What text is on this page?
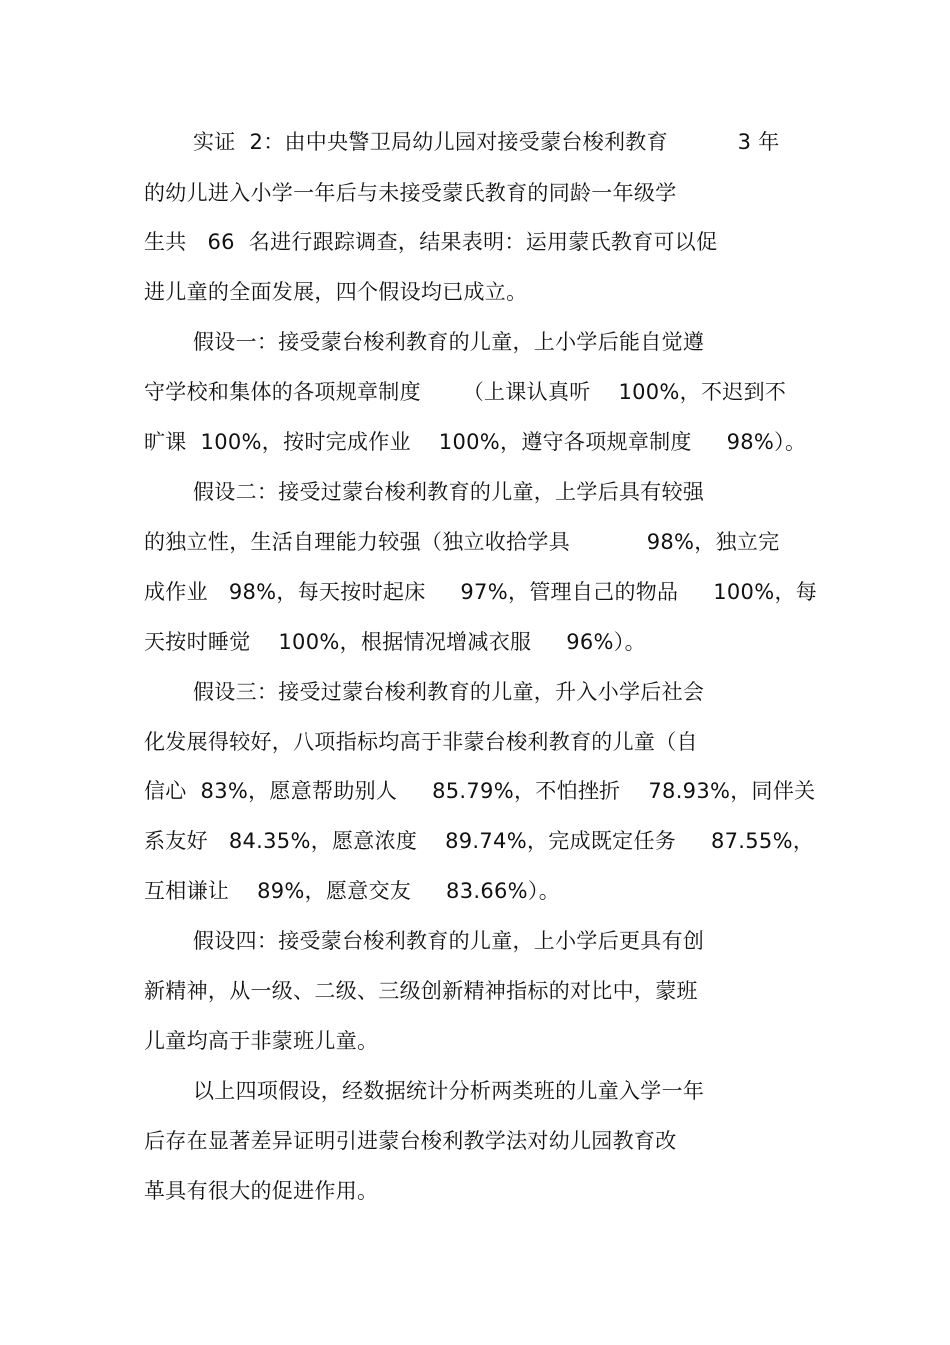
实证  2：由中央警卫局幼儿园对接受蒙台梭利教育          3 年
的幼儿进入小学一年后与未接受蒙氏教育的同龄一年级学
生共   66  名进行跟踪调查，结果表明：运用蒙氏教育可以促
进儿童的全面发展，四个假设均已成立。
假设一：接受蒙台梭利教育的儿童，上小学后能自觉遵
守学校和集体的各项规章制度      （上课认真听    100%，不迟到不
旷课  100%，按时完成作业    100%，遵守各项规章制度     98%）。
假设二：接受过蒙台梭利教育的儿童，上学后具有较强
的独立性，生活自理能力较强（独立收拾学具           98%，独立完
成作业   98%，每天按时起床     97%，管理自己的物品     100%，每
天按时睡觉    100%，根据情况增减衣服     96%）。
假设三：接受过蒙台梭利教育的儿童，升入小学后社会
化发展得较好，八项指标均高于非蒙台梭利教育的儿童（自
信心  83%，愿意帮助别人     85.79%，不怕挫折    78.93%，同伴关
系友好   84.35%，愿意浓度    89.74%，完成既定任务     87.55%，
互相谦让    89%，愿意交友     83.66%）。
假设四：接受蒙台梭利教育的儿童，上小学后更具有创
新精神，从一级、二级、三级创新精神指标的对比中，蒙班
儿童均高于非蒙班儿童。
以上四项假设，经数据统计分析两类班的儿童入学一年
后存在显著差异证明引进蒙台梭利教学法对幼儿园教育改
革具有很大的促进作用。
